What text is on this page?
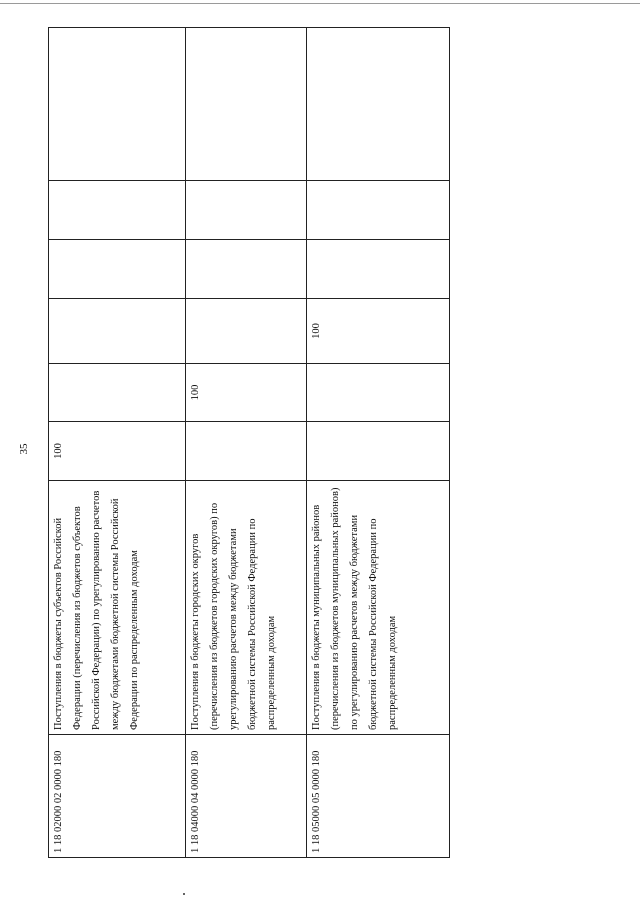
35
1 18 02000 02 0000 180	Поступления в бюджеты субъектов Российской Федерации (перечисления из бюджетов субъектов Российской Федерации) по урегулированию расчетов между бюджетами бюджетной системы Российской Федерации по распределенным доходам	100					
1 18 04000 04 0000 180	Поступления в бюджеты городских округов (перечисления из бюджетов городских округов) по урегулированию расчетов между бюджетами бюджетной системы Российской Федерации по распределенным доходам		100				
1 18 05000 05 0000 180	Поступления в бюджеты муниципальных районов (перечисления из бюджетов муниципальных районов) по урегулированию расчетов между бюджетами бюджетной системы Российской Федерации по распределенным доходам			100			
